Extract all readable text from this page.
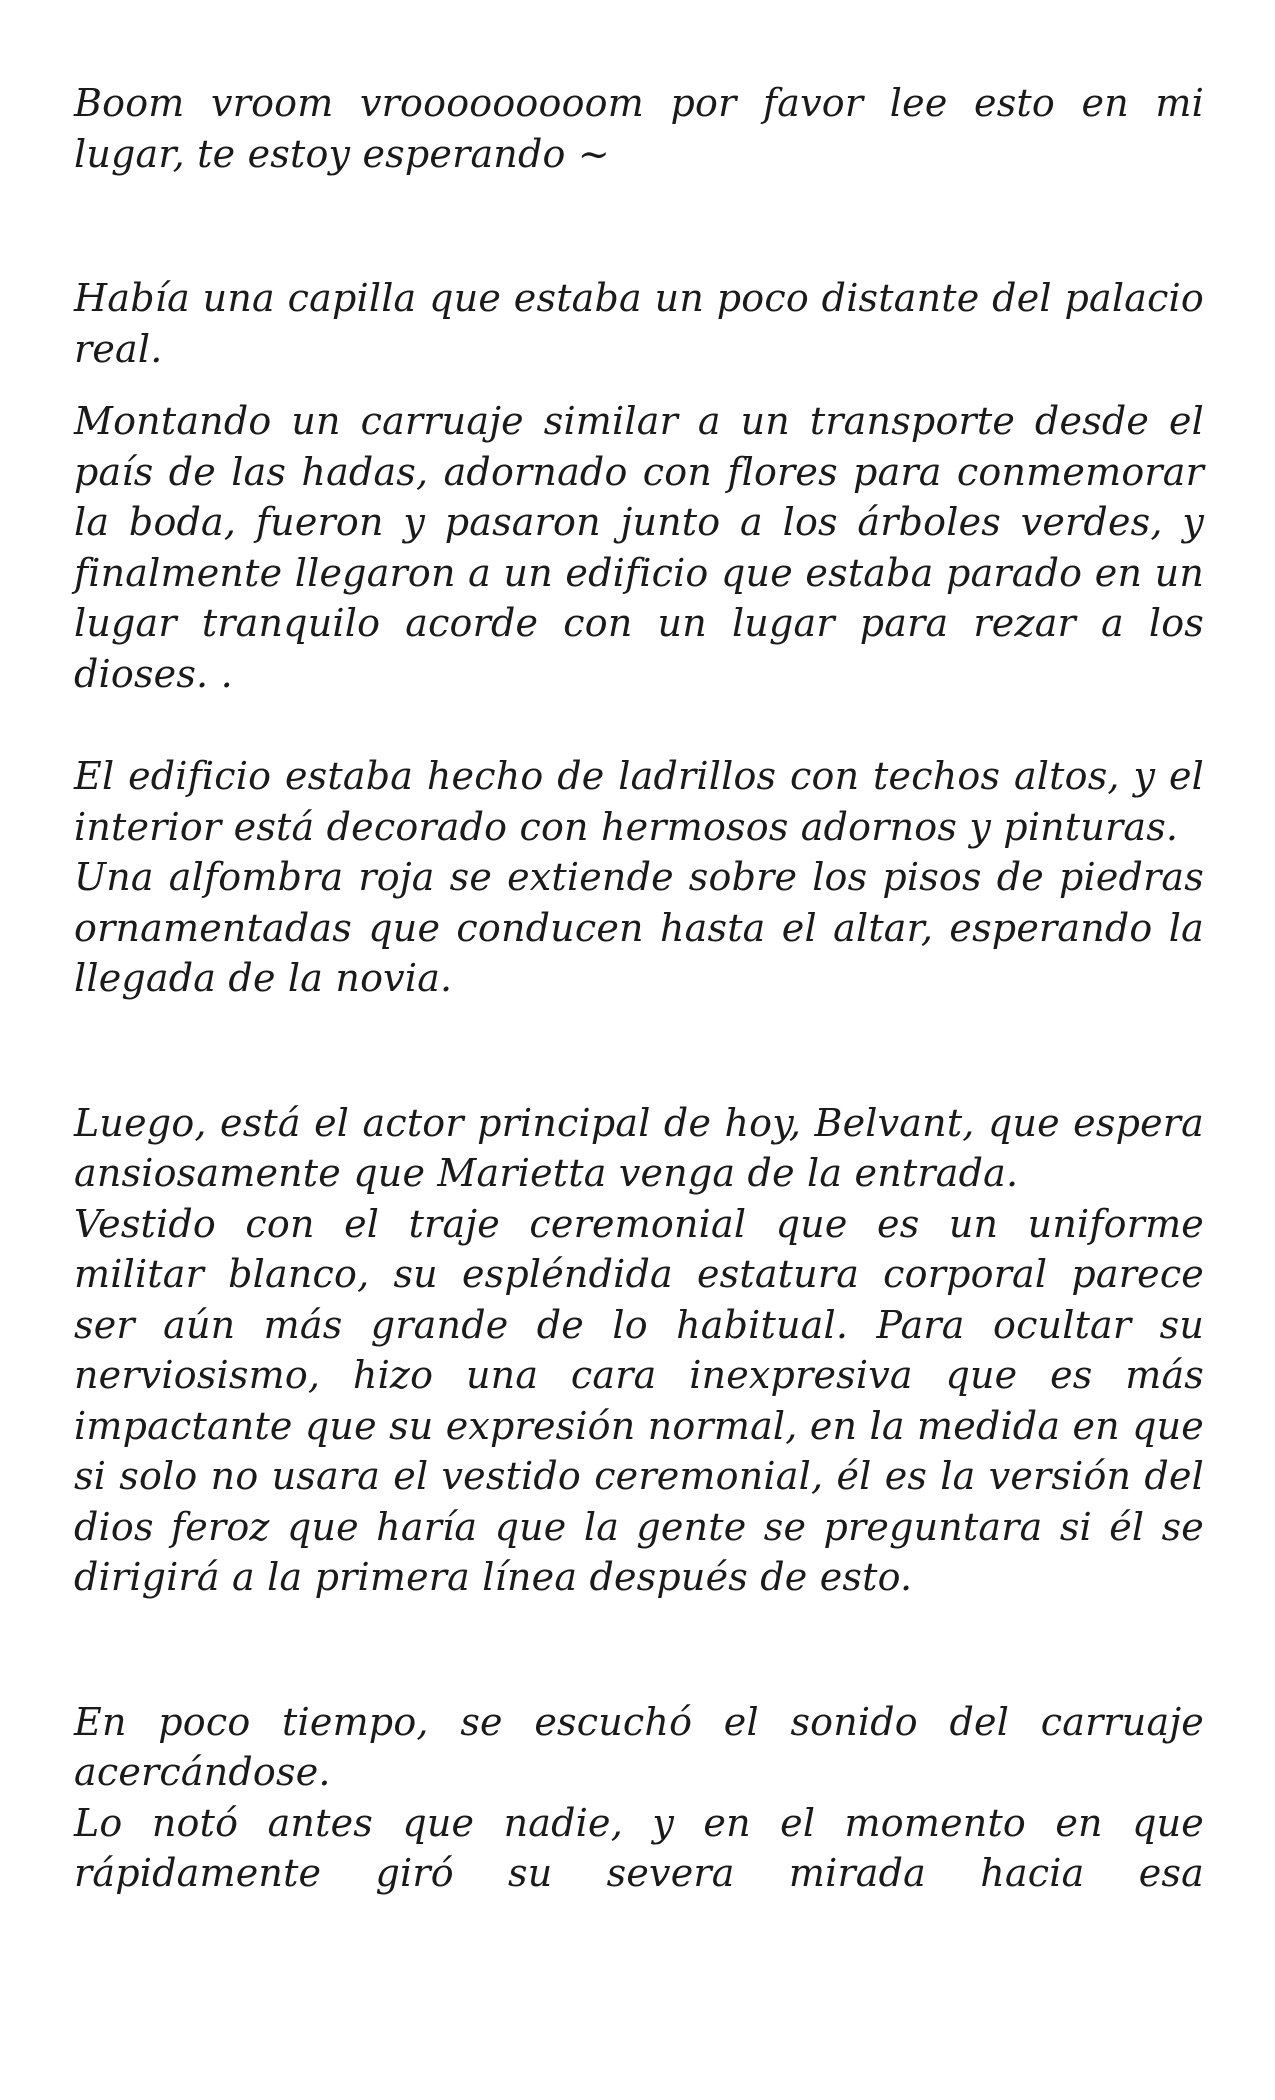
Boom vroom vrooooooooom por favor lee esto en mi lugar, te estoy esperando ~

Había una capilla que estaba un poco distante del palacio real.

Montando un carruaje similar a un transporte desde el país de las hadas, adornado con flores para conmemorar la boda, fueron y pasaron junto a los árboles verdes, y finalmente llegaron a un edificio que estaba parado en un lugar tranquilo acorde con un lugar para rezar a los dioses. .

El edificio estaba hecho de ladrillos con techos altos, y el interior está decorado con hermosos adornos y pinturas.

Una alfombra roja se extiende sobre los pisos de piedras ornamentadas que conducen hasta el altar, esperando la llegada de la novia.

Luego, está el actor principal de hoy, Belvant, que espera ansiosamente que Marietta venga de la entrada.

Vestido con el traje ceremonial que es un uniforme militar blanco, su espléndida estatura corporal parece ser aún más grande de lo habitual. Para ocultar su nerviosismo, hizo una cara inexpresiva que es más impactante que su expresión normal, en la medida en que si solo no usara el vestido ceremonial, él es la versión del dios feroz que haría que la gente se preguntara si él se dirigirá a la primera línea después de esto.

En poco tiempo, se escuchó el sonido del carruaje acercándose.

Lo notó antes que nadie, y en el momento en que rápidamente giró su severa mirada hacia esa
